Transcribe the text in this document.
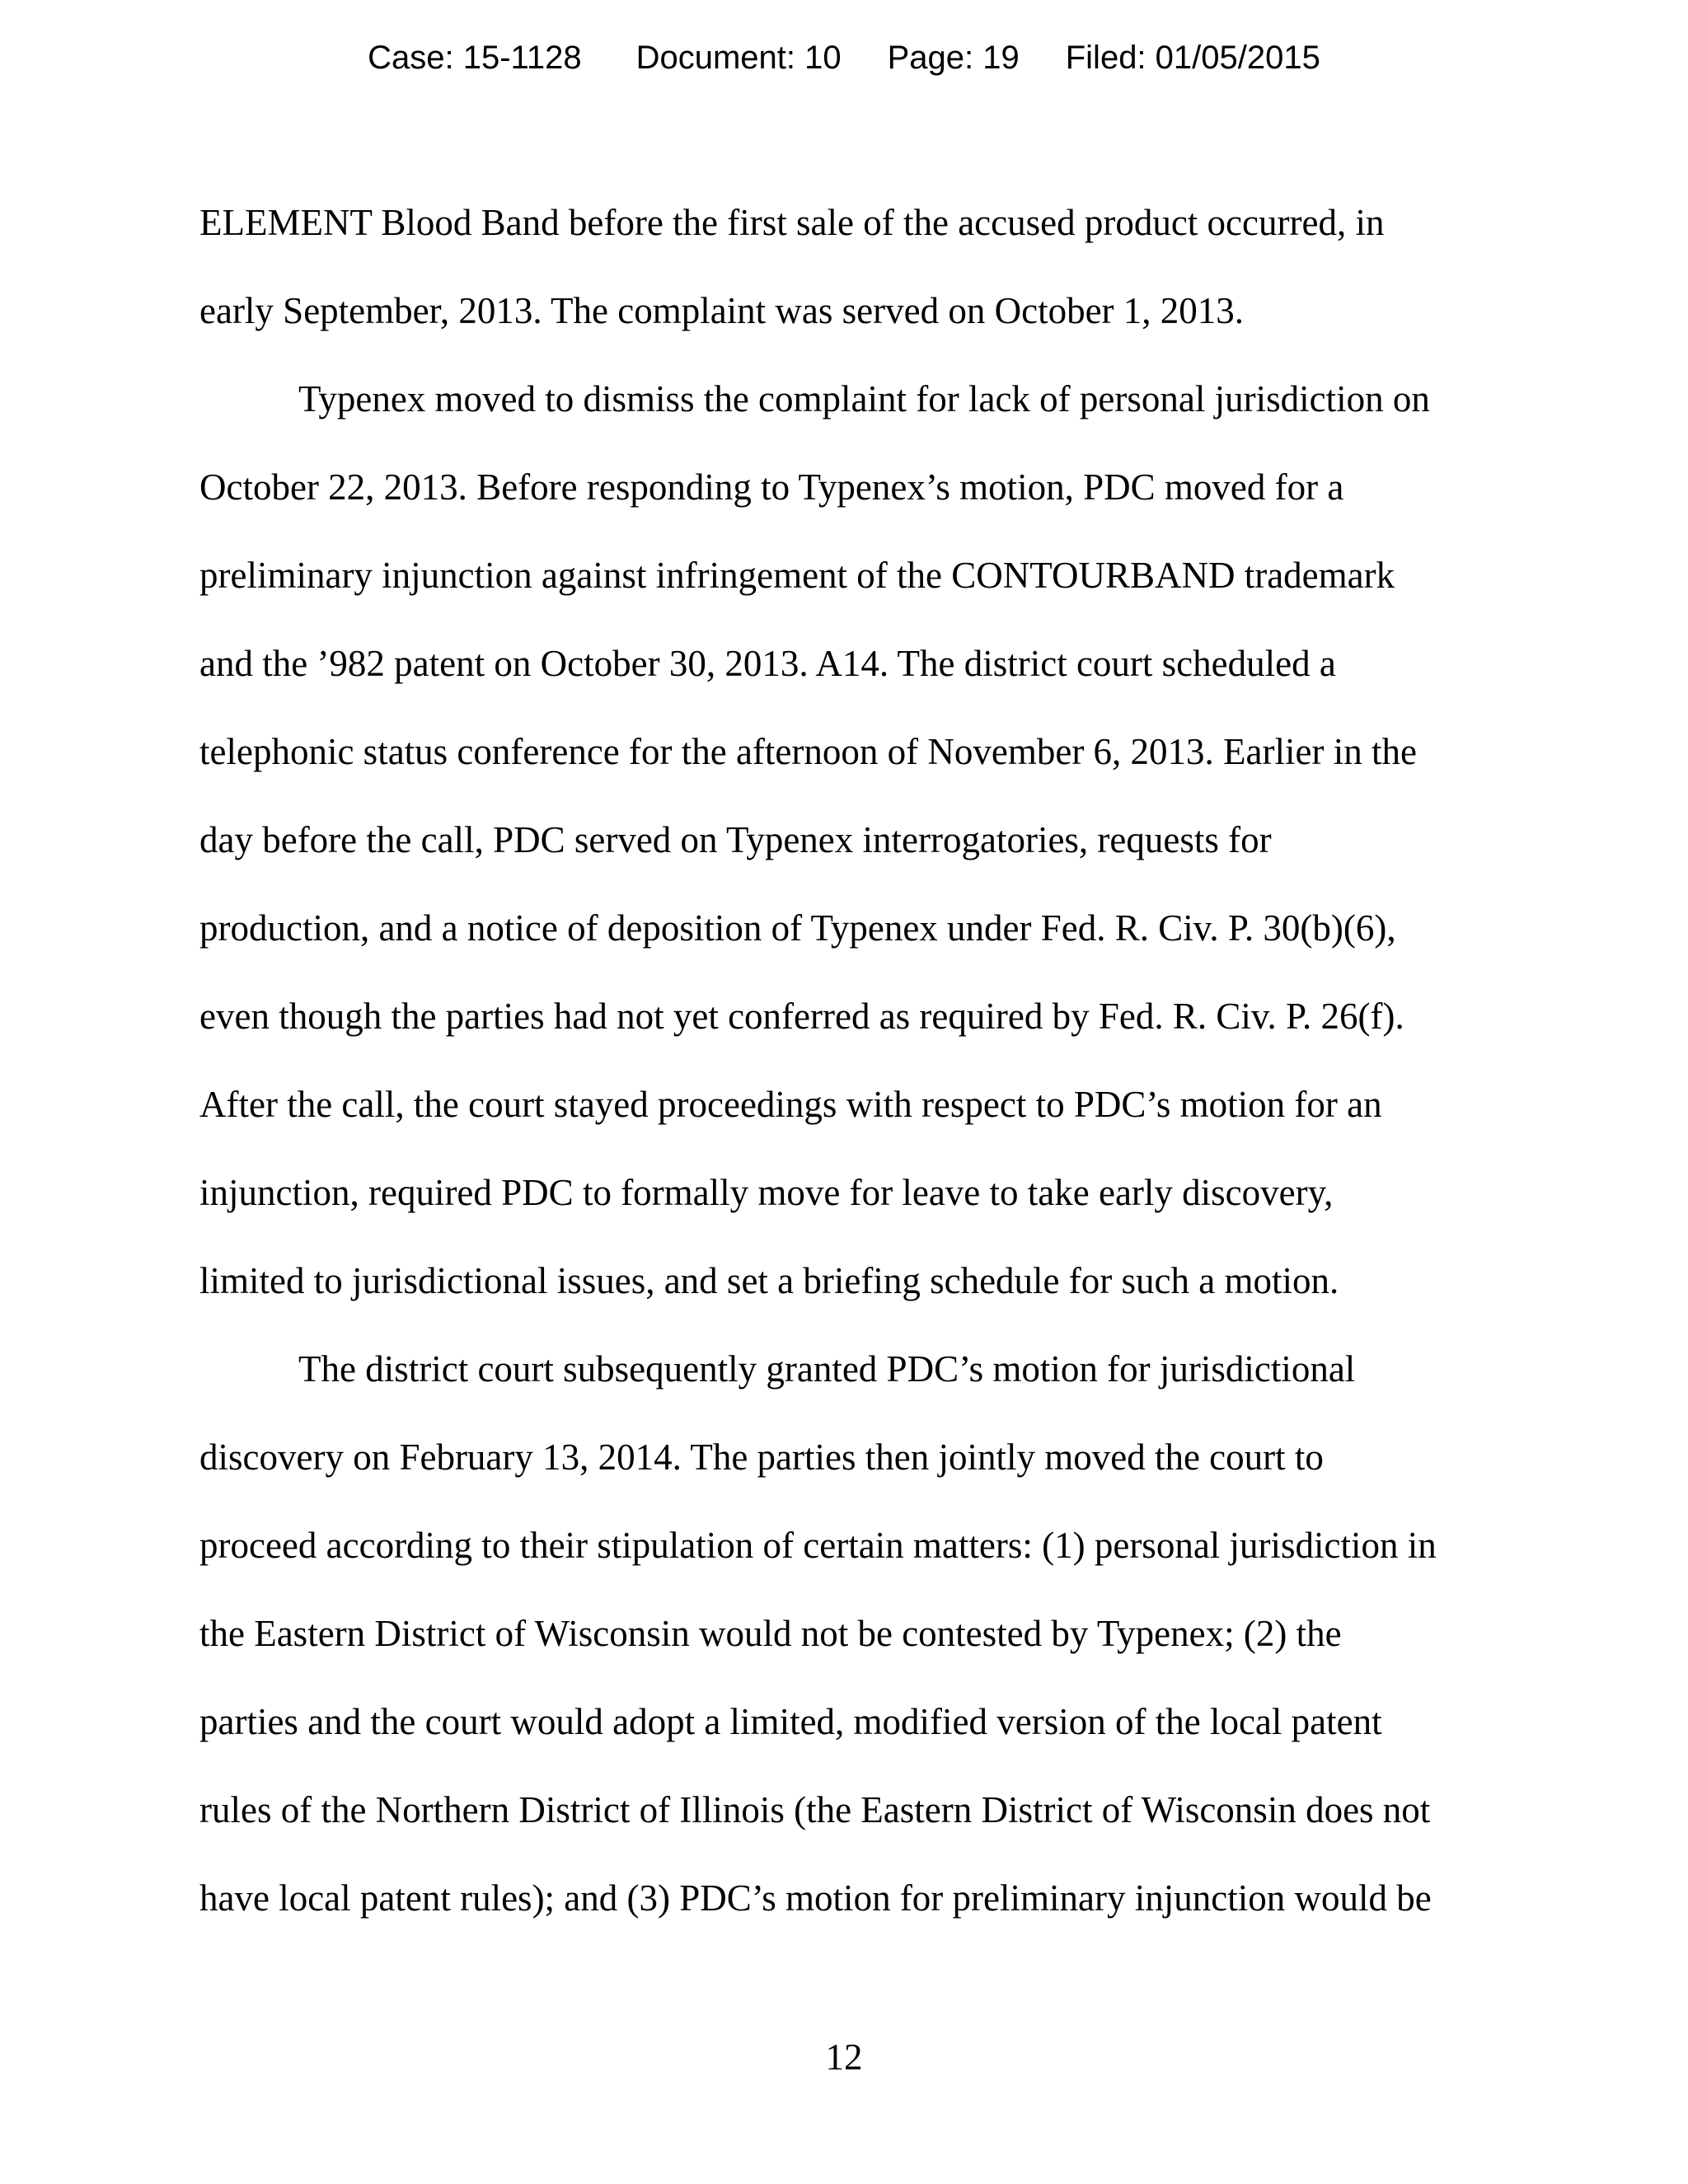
Case: 15-1128 Document: 10 Page: 19 Filed: 01/05/2015
ELEMENT Blood Band before the first sale of the accused product occurred, in
early September, 2013. The complaint was served on October 1, 2013.
Typenex moved to dismiss the complaint for lack of personal jurisdiction on
October 22, 2013. Before responding to Typenex’s motion, PDC moved for a
preliminary injunction against infringement of the CONTOURBAND trademark
and the ’982 patent on October 30, 2013. A14. The district court scheduled a
telephonic status conference for the afternoon of November 6, 2013. Earlier in the
day before the call, PDC served on Typenex interrogatories, requests for
production, and a notice of deposition of Typenex under Fed. R. Civ. P. 30(b)(6),
even though the parties had not yet conferred as required by Fed. R. Civ. P. 26(f).
After the call, the court stayed proceedings with respect to PDC’s motion for an
injunction, required PDC to formally move for leave to take early discovery,
limited to jurisdictional issues, and set a briefing schedule for such a motion.
The district court subsequently granted PDC’s motion for jurisdictional
discovery on February 13, 2014. The parties then jointly moved the court to
proceed according to their stipulation of certain matters: (1) personal jurisdiction in
the Eastern District of Wisconsin would not be contested by Typenex; (2) the
parties and the court would adopt a limited, modified version of the local patent
rules of the Northern District of Illinois (the Eastern District of Wisconsin does not
have local patent rules); and (3) PDC’s motion for preliminary injunction would be
12
